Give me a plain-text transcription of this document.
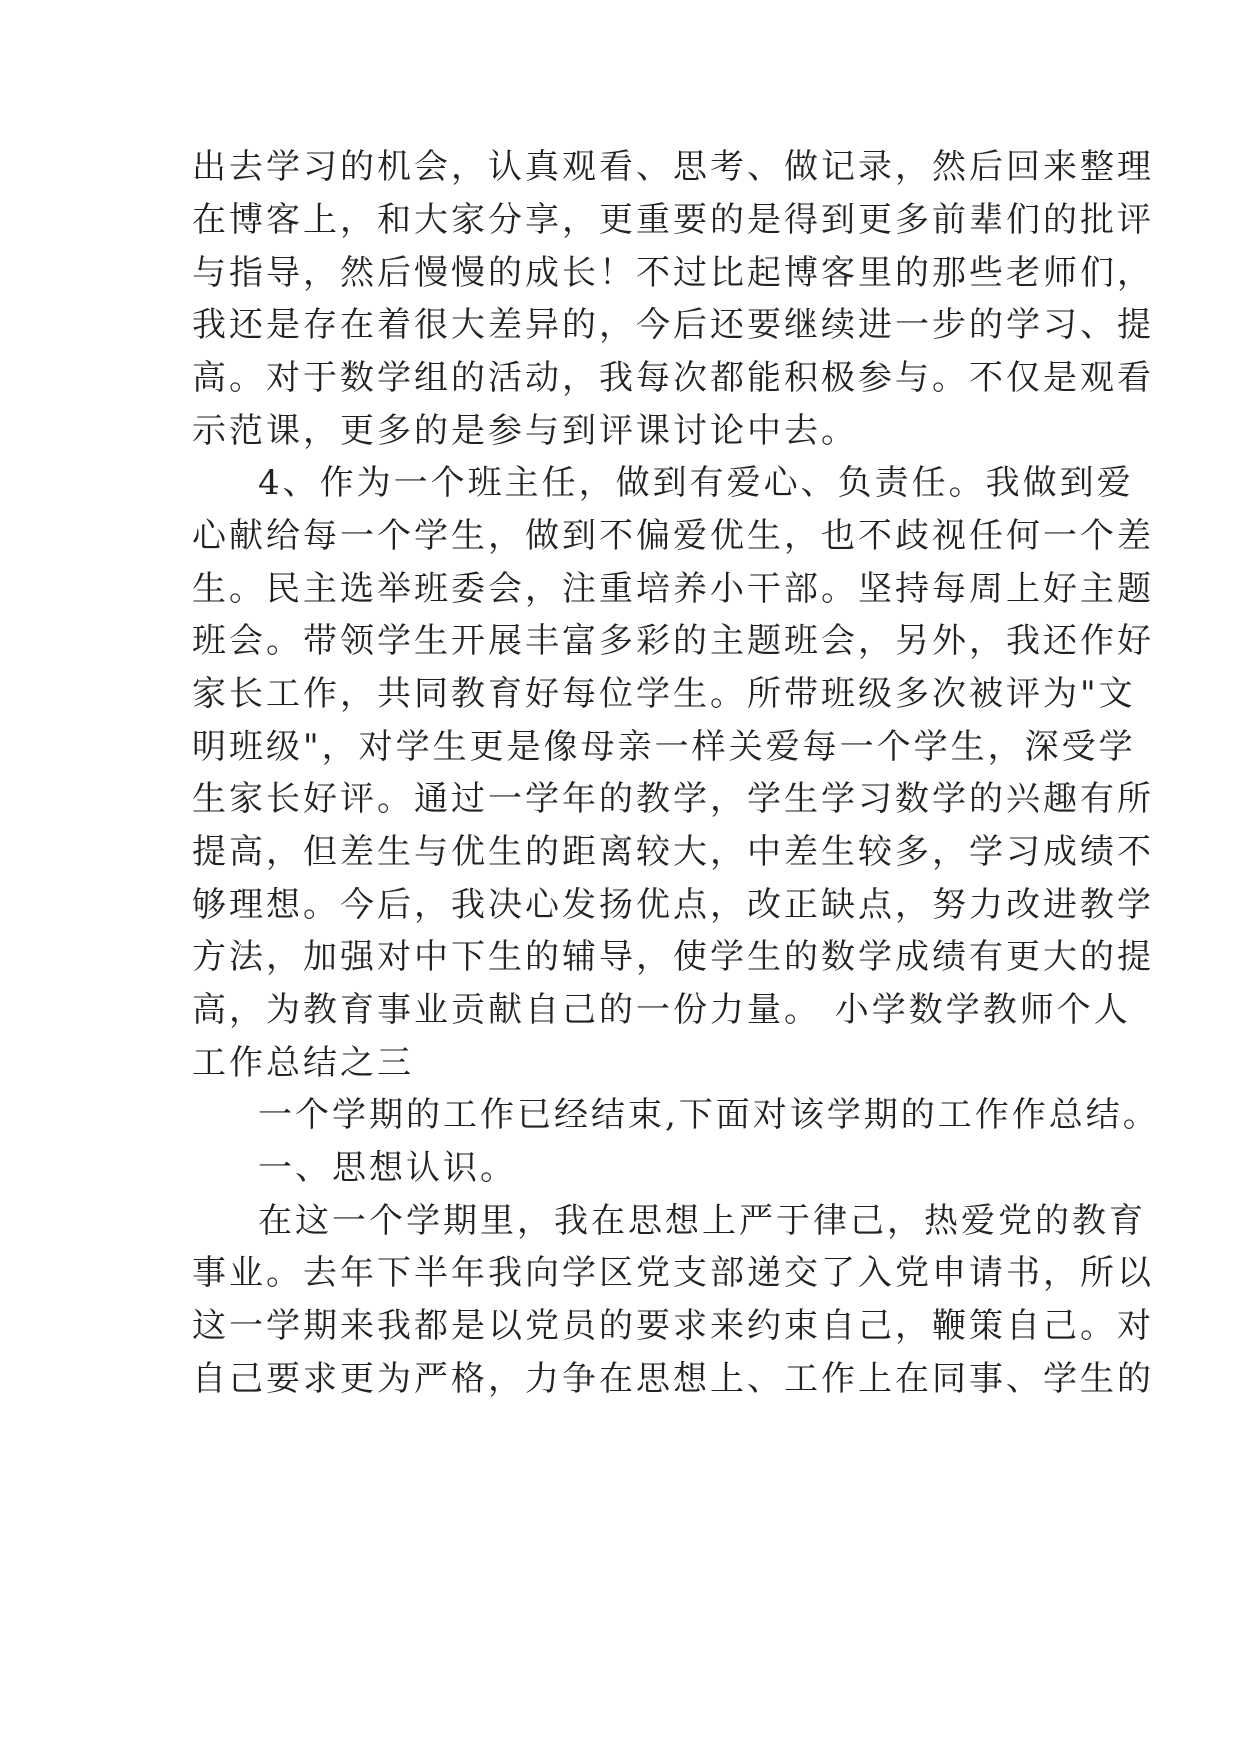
出去学习的机会，认真观看、思考、做记录，然后回来整理
在博客上，和大家分享，更重要的是得到更多前辈们的批评
与指导，然后慢慢的成长！不过比起博客里的那些老师们，
我还是存在着很大差异的，今后还要继续进一步的学习、提
高。对于数学组的活动，我每次都能积极参与。不仅是观看
示范课，更多的是参与到评课讨论中去。
4、作为一个班主任，做到有爱心、负责任。我做到爱
心献给每一个学生，做到不偏爱优生，也不歧视任何一个差
生。民主选举班委会，注重培养小干部。坚持每周上好主题
班会。带领学生开展丰富多彩的主题班会，另外，我还作好
家长工作，共同教育好每位学生。所带班级多次被评为"文
明班级"，对学生更是像母亲一样关爱每一个学生，深受学
生家长好评。通过一学年的教学，学生学习数学的兴趣有所
提高，但差生与优生的距离较大，中差生较多，学习成绩不
够理想。今后，我决心发扬优点，改正缺点，努力改进教学
方法，加强对中下生的辅导，使学生的数学成绩有更大的提
高，为教育事业贡献自己的一份力量。 小学数学教师个人
工作总结之三
一个学期的工作已经结束,下面对该学期的工作作总结。
一、思想认识。
在这一个学期里，我在思想上严于律己，热爱党的教育
事业。去年下半年我向学区党支部递交了入党申请书，所以
这一学期来我都是以党员的要求来约束自己，鞭策自己。对
自己要求更为严格，力争在思想上、工作上在同事、学生的
